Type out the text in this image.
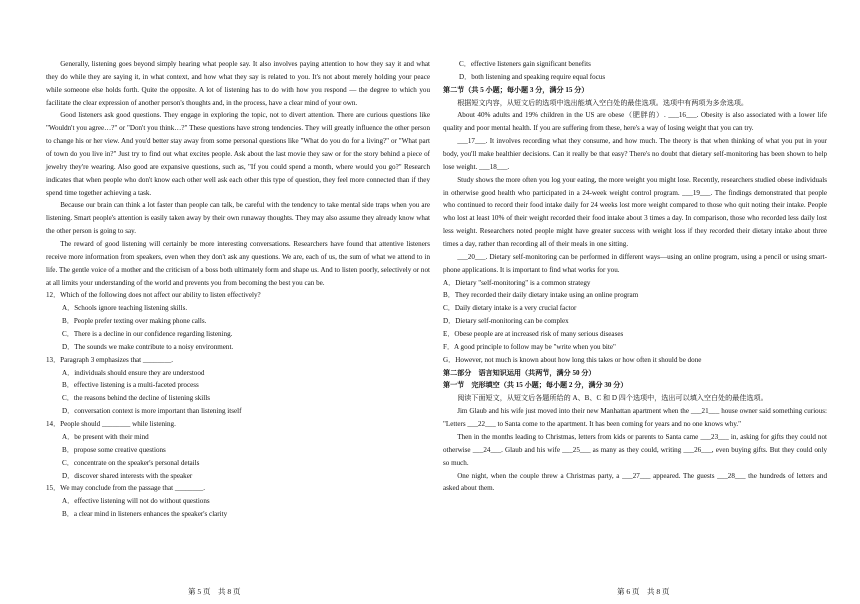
Generally, listening goes beyond simply hearing what people say. It also involves paying attention to how they say it and what they do while they are saying it, in what context, and how what they say is related to you. It's not about merely holding your peace while someone else holds forth. Quite the opposite. A lot of listening has to do with how you respond — the degree to which you facilitate the clear expression of another person's thoughts and, in the process, have a clear mind of your own.
Good listeners ask good questions. They engage in exploring the topic, not to divert attention. There are curious questions like "Wouldn't you agree…?" or "Don't you think…?" These questions have strong tendencies. They will greatly influence the other person to change his or her view. And you'd better stay away from some personal questions like "What do you do for a living?" or "What part of town do you live in?" Just try to find out what excites people. Ask about the last movie they saw or for the story behind a piece of jewelry they're wearing. Also good are expansive questions, such as, "If you could spend a month, where would you go?" Research indicates that when people who don't know each other well ask each other this type of question, they feel more connected than if they spend time together achieving a task.
Because our brain can think a lot faster than people can talk, be careful with the tendency to take mental side traps when you are listening. Smart people's attention is easily taken away by their own runaway thoughts. They may also assume they already know what the other person is going to say.
The reward of good listening will certainly be more interesting conversations. Researchers have found that attentive listeners receive more information from speakers, even when they don't ask any questions. We are, each of us, the sum of what we attend to in life. The gentle voice of a mother and the criticism of a boss both ultimately form and shape us. And to listen poorly, selectively or not at all limits your understanding of the world and prevents you from becoming the best you can be.
12．Which of the following does not affect our ability to listen effectively?
A．Schools ignore teaching listening skills.
B．People prefer texting over making phone calls.
C．There is a decline in our confidence regarding listening.
D．The sounds we make contribute to a noisy environment.
13．Paragraph 3 emphasizes that ________.
A．individuals should ensure they are understood
B．effective listening is a multi-faceted process
C．the reasons behind the decline of listening skills
D．conversation context is more important than listening itself
14．People should ________ while listening.
A．be present with their mind
B．propose some creative questions
C．concentrate on the speaker's personal details
D．discover shared interests with the speaker
15．We may conclude from the passage that ________.
A．effective listening will not do without questions
B．a clear mind in listeners enhances the speaker's clarity
C．effective listeners gain significant benefits
D．both listening and speaking require equal focus
第二节（共 5 小题；每小题 3 分，满分 15 分）
根据短文内容，从短文后的选项中选出能填入空白处的最佳选项。选项中有两项为多余选项。
About 40% adults and 19% children in the US are obese（肥胖的）. ___16___. Obesity is also associated with a lower life quality and poor mental health. If you are suffering from these, here's a way of losing weight that you can try.
___17___. It involves recording what they consume, and how much. The theory is that when thinking of what you put in your body, you'll make healthier decisions. Can it really be that easy? There's no doubt that dietary self-monitoring has been shown to help lose weight. ___18___.
Study shows the more often you log your eating, the more weight you might lose. Recently, researchers studied obese individuals in otherwise good health who participated in a 24-week weight control program. ___19___. The findings demonstrated that people who continued to record their food intake daily for 24 weeks lost more weight compared to those who quit noting their intake. People who lost at least 10% of their weight recorded their food intake about 3 times a day. In comparison, those who recorded less daily lost less weight. Researchers noted people might have greater success with weight loss if they recorded their dietary intake about three times a day, rather than recording all of their meals in one sitting.
___20___. Dietary self-monitoring can be performed in different ways—using an online program, using a pencil or using smart-phone applications. It is important to find what works for you.
A．Dietary "self-monitoring" is a common strategy
B．They recorded their daily dietary intake using an online program
C．Daily dietary intake is a very crucial factor
D．Dietary self-monitoring can be complex
E．Obese people are at increased risk of many serious diseases
F．A good principle to follow may be "write when you bite"
G．However, not much is known about how long this takes or how often it should be done
第二部分　语言知识运用（共两节，满分 50 分）
第一节　完形填空（共 15 小题；每小题 2 分，满分 30 分）
阅读下面短文，从短文后各题所给的 A、B、C 和 D 四个选项中，选出可以填入空白处的最佳选项。
Jim Glaub and his wife just moved into their new Manhattan apartment when the ___21___ house owner said something curious: "Letters ___22___ to Santa come to the apartment. It has been coming for years and no one knows why."
Then in the months leading to Christmas, letters from kids or parents to Santa came ___23___ in, asking for gifts they could not otherwise ___24___. Glaub and his wife ___25___ as many as they could, writing ___26___, even buying gifts. But they could only so much.
One night, when the couple threw a Christmas party, a ___27___ appeared. The guests ___28___ the hundreds of letters and asked about them.
第 5 页　共 8 页	第 6 页　共 8 页
